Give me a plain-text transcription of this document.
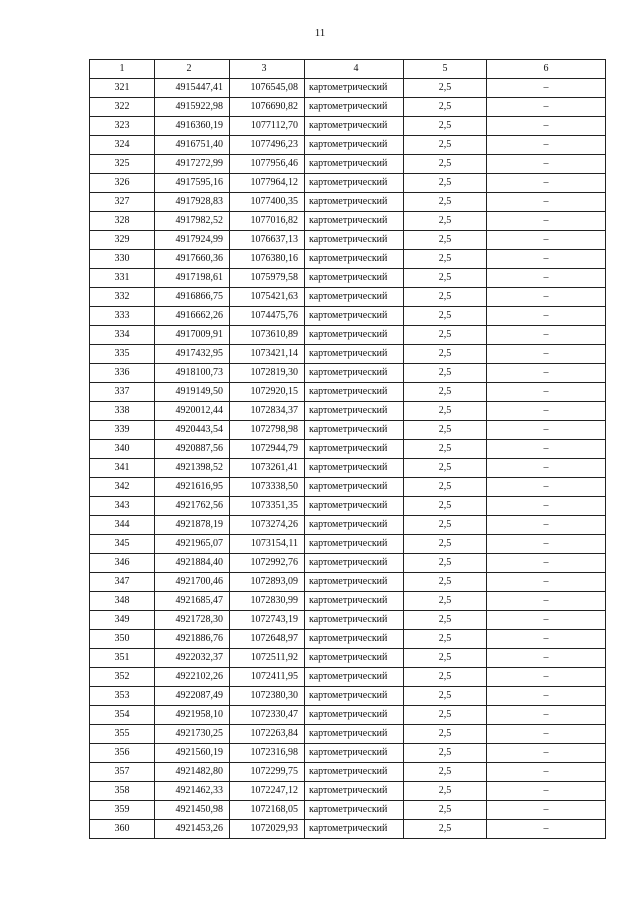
11
1	2	3	4	5	6
321	4915447,41	1076545,08	картометрический	2,5	–
322	4915922,98	1076690,82	картометрический	2,5	–
323	4916360,19	1077112,70	картометрический	2,5	–
324	4916751,40	1077496,23	картометрический	2,5	–
325	4917272,99	1077956,46	картометрический	2,5	–
326	4917595,16	1077964,12	картометрический	2,5	–
327	4917928,83	1077400,35	картометрический	2,5	–
328	4917982,52	1077016,82	картометрический	2,5	–
329	4917924,99	1076637,13	картометрический	2,5	–
330	4917660,36	1076380,16	картометрический	2,5	–
331	4917198,61	1075979,58	картометрический	2,5	–
332	4916866,75	1075421,63	картометрический	2,5	–
333	4916662,26	1074475,76	картометрический	2,5	–
334	4917009,91	1073610,89	картометрический	2,5	–
335	4917432,95	1073421,14	картометрический	2,5	–
336	4918100,73	1072819,30	картометрический	2,5	–
337	4919149,50	1072920,15	картометрический	2,5	–
338	4920012,44	1072834,37	картометрический	2,5	–
339	4920443,54	1072798,98	картометрический	2,5	–
340	4920887,56	1072944,79	картометрический	2,5	–
341	4921398,52	1073261,41	картометрический	2,5	–
342	4921616,95	1073338,50	картометрический	2,5	–
343	4921762,56	1073351,35	картометрический	2,5	–
344	4921878,19	1073274,26	картометрический	2,5	–
345	4921965,07	1073154,11	картометрический	2,5	–
346	4921884,40	1072992,76	картометрический	2,5	–
347	4921700,46	1072893,09	картометрический	2,5	–
348	4921685,47	1072830,99	картометрический	2,5	–
349	4921728,30	1072743,19	картометрический	2,5	–
350	4921886,76	1072648,97	картометрический	2,5	–
351	4922032,37	1072511,92	картометрический	2,5	–
352	4922102,26	1072411,95	картометрический	2,5	–
353	4922087,49	1072380,30	картометрический	2,5	–
354	4921958,10	1072330,47	картометрический	2,5	–
355	4921730,25	1072263,84	картометрический	2,5	–
356	4921560,19	1072316,98	картометрический	2,5	–
357	4921482,80	1072299,75	картометрический	2,5	–
358	4921462,33	1072247,12	картометрический	2,5	–
359	4921450,98	1072168,05	картометрический	2,5	–
360	4921453,26	1072029,93	картометрический	2,5	–
